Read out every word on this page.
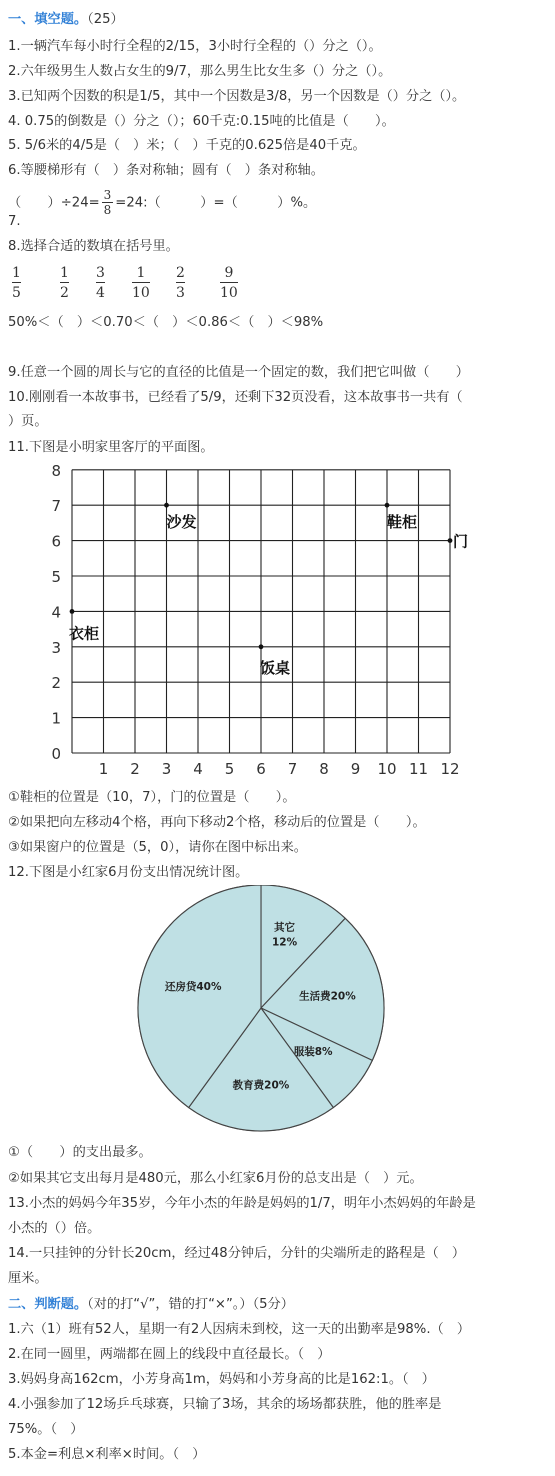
一、填空题。（25）
1.一辆汽车每小时行全程的2/15，3小时行全程的（）分之（）。
2.六年级男生人数占女生的9/7，那么男生比女生多（）分之（）。
3.已知两个因数的积是1/5，其中一个因数是3/8，另一个因数是（）分之（）。
4. 0.75的倒数是（）分之（）；60千克:0.15吨的比值是（　　）。
5. 5/6米的4/5是（　）米；（　）千克的0.625倍是40千克。
6.等腰梯形有（　）条对称轴；圆有（　）条对称轴。
（　　）$\div 24= \frac{3}{8}$ =24:（　　　）=（　　　）%。
7.
8.选择合适的数填在括号里。
$\frac{1}{5}$	$\frac{1}{2} \frac{3}{4} \frac{1}{10} \frac{2}{3}$	$\frac{9}{10}$
50%＜（　）＜0.70＜（　）＜0.86＜（　）＜98%
9.任意一个圆的周长与它的直径的比值是一个固定的数，我们把它叫做（　　）
10.刚刚看一本故事书，已经看了5/9，还剩下32页没看，这本故事书一共有（
）页。
11.下图是小明家里客厅的平面图。
1 2 3 4 5 6 7 8 9 10 11 12
0
1
2
3
4
5
6
7
8
沙发	鞋柜
门
衣柜
饭桌
①鞋柜的位置是（10，7），门的位置是（　　）。
②如果把向左移动4个格，再向下移动2个格，移动后的位置是（　　）。
③如果窗户的位置是（5，0），请你在图中标出来。
12.下图是小红家6月份支出情况统计图。
其它
12%
生活费20%
服装8%
教育费20%
还房贷40%
①（　　）的支出最多。
②如果其它支出每月是480元，那么小红家6月份的总支出是（　）元。
13.小杰的妈妈今年35岁，今年小杰的年龄是妈妈的1/7，明年小杰妈妈的年龄是
小杰的（）倍。
14.一只挂钟的分针长20cm，经过48分钟后，分针的尖端所走的路程是（　）
厘米。
二、判断题。（对的打“√”，错的打“×”。）（5分）
1.六（1）班有52人，星期一有2人因病未到校，这一天的出勤率是98%.（　）
2.在同一圆里，两端都在圆上的线段中直径最长。（　）
3.妈妈身高162cm，小芳身高1m，妈妈和小芳身高的比是162:1。（　）
4.小强参加了12场乒乓球赛，只输了3场，其余的场场都获胜，他的胜率是
75%。（　）
5.本金=利息×利率×时间。（　）
